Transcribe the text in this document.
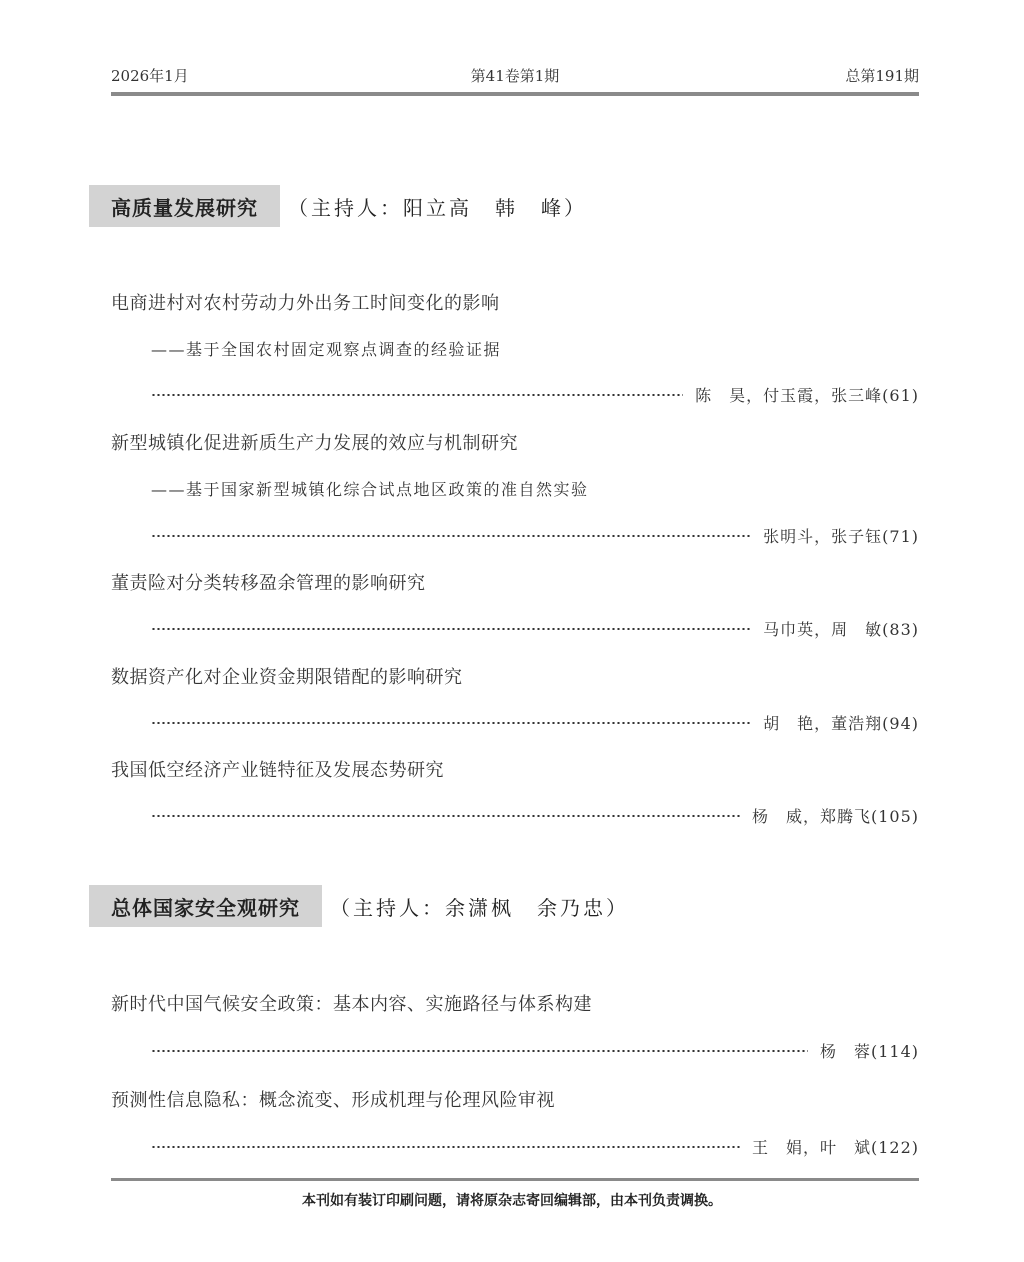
2026年1月	第41卷第1期	总第191期
高质量发展研究	（主持人：阳立高　韩　峰）
电商进村对农村劳动力外出务工时间变化的影响
——基于全国农村固定观察点调查的经验证据
陈　昊，付玉霞，张三峰(61)
新型城镇化促进新质生产力发展的效应与机制研究
——基于国家新型城镇化综合试点地区政策的准自然实验
张明斗，张子钰(71)
董责险对分类转移盈余管理的影响研究
马巾英，周　敏(83)
数据资产化对企业资金期限错配的影响研究
胡　艳，董浩翔(94)
我国低空经济产业链特征及发展态势研究
杨　威，郑腾飞(105)
总体国家安全观研究	（主持人：余潇枫　余乃忠）
新时代中国气候安全政策：基本内容、实施路径与体系构建
杨　蓉(114)
预测性信息隐私：概念流变、形成机理与伦理风险审视
王　娟，叶　斌(122)
本刊如有装订印刷问题，请将原杂志寄回编辑部，由本刊负责调换。
